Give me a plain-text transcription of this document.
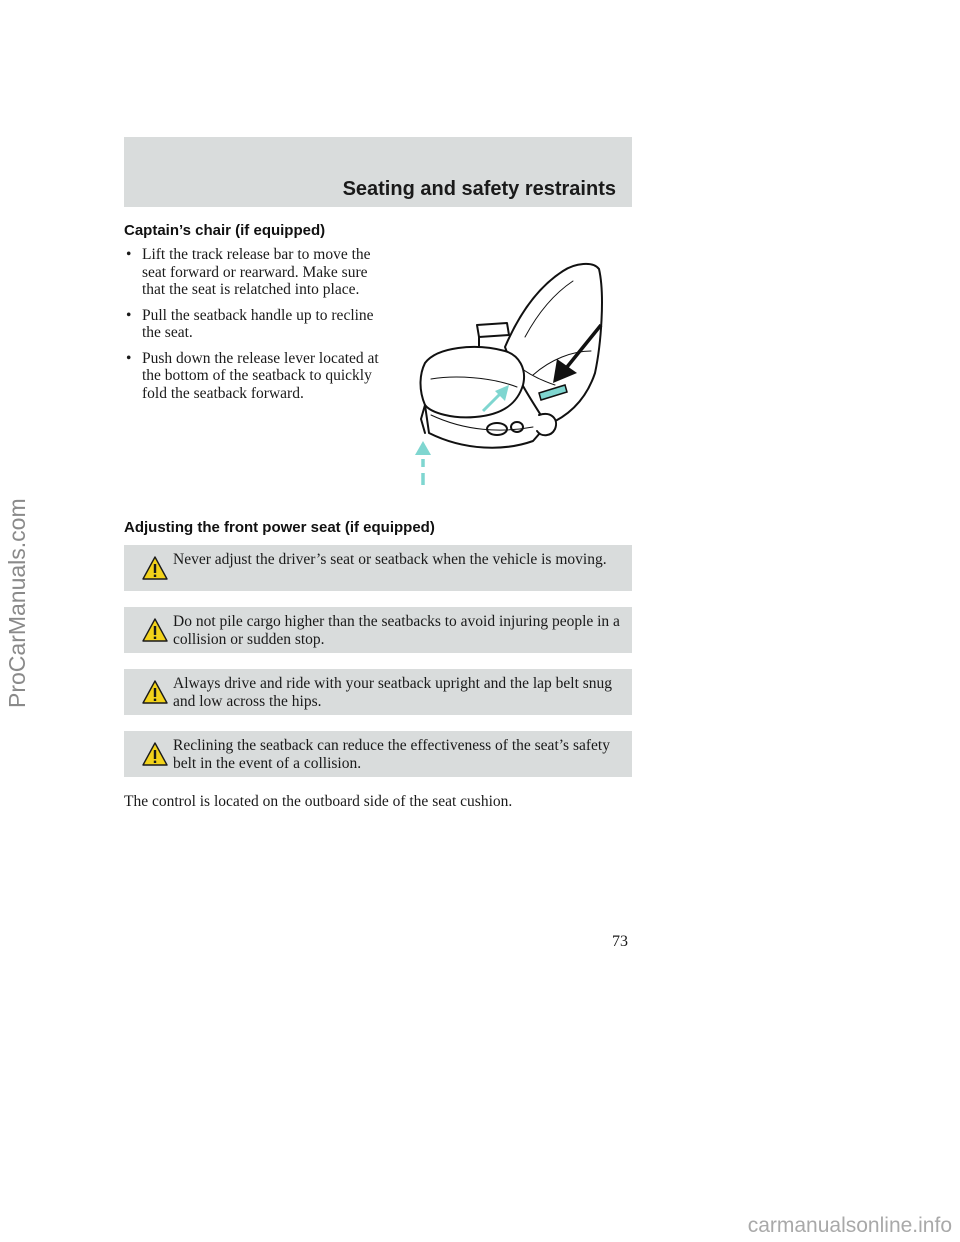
Seating and safety restraints
Captain’s chair (if equipped)
• Lift the track release bar to move the seat forward or rearward. Make sure that the seat is relatched into place.
• Pull the seatback handle up to recline the seat.
• Push down the release lever located at the bottom of the seatback to quickly fold the seatback forward.
Adjusting the front power seat (if equipped)
Never adjust the driver’s seat or seatback when the vehicle is moving.
Do not pile cargo higher than the seatbacks to avoid injuring people in a collision or sudden stop.
Always drive and ride with your seatback upright and the lap belt snug and low across the hips.
Reclining the seatback can reduce the effectiveness of the seat’s safety belt in the event of a collision.

The control is located on the outboard side of the seat cushion.

73

ProCarManuals.com

carmanualsonline.info
